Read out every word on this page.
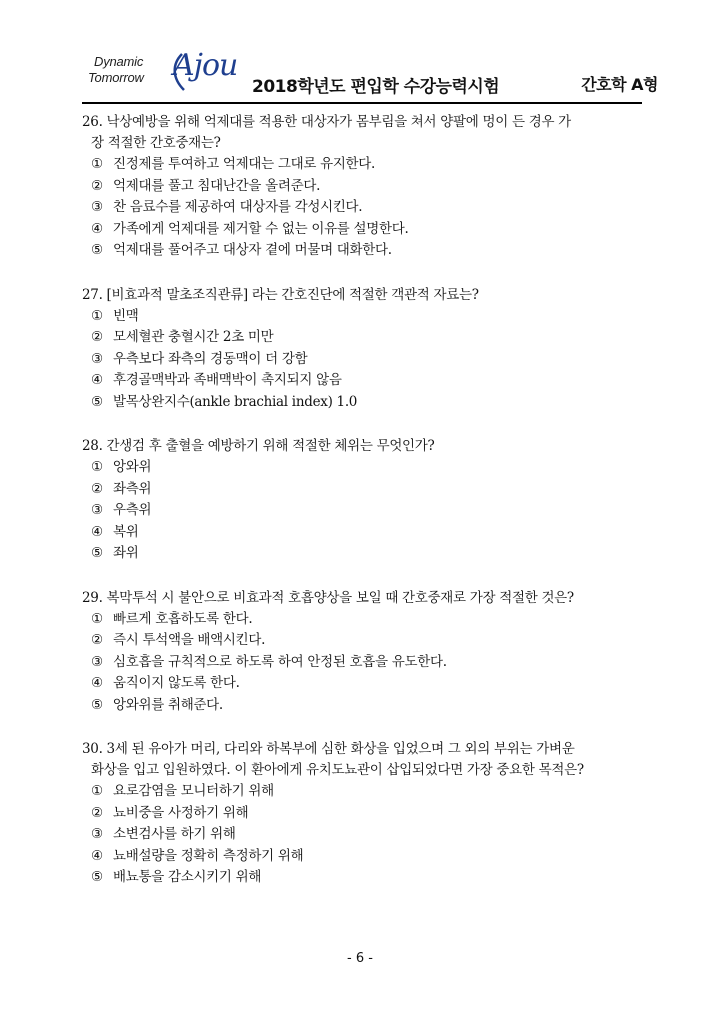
Dynamic
Tomorrow Ajou
2018학년도 편입학 수강능력시험	간호학 A형
26. 낙상예방을 위해 억제대를 적용한 대상자가 몸부림을 쳐서 양팔에 멍이 든 경우 가
장 적절한 간호중재는?
① 진정제를 투여하고 억제대는 그대로 유지한다.
② 억제대를 풀고 침대난간을 올려준다.
③ 찬 음료수를 제공하여 대상자를 각성시킨다.
④ 가족에게 억제대를 제거할 수 없는 이유를 설명한다.
⑤ 억제대를 풀어주고 대상자 곁에 머물며 대화한다.
27. [비효과적 말초조직관류] 라는 간호진단에 적절한 객관적 자료는?
① 빈맥
② 모세혈관 충혈시간 2초 미만
③ 우측보다 좌측의 경동맥이 더 강함
④ 후경골맥박과 족배맥박이 촉지되지 않음
⑤ 발목상완지수(ankle brachial index) 1.0
28. 간생검 후 출혈을 예방하기 위해 적절한 체위는 무엇인가?
① 앙와위
② 좌측위
③ 우측위
④ 복위
⑤ 좌위
29. 복막투석 시 불안으로 비효과적 호흡양상을 보일 때 간호중재로 가장 적절한 것은?
① 빠르게 호흡하도록 한다.
② 즉시 투석액을 배액시킨다.
③ 심호흡을 규칙적으로 하도록 하여 안정된 호흡을 유도한다.
④ 움직이지 않도록 한다.
⑤ 앙와위를 취해준다.
30. 3세 된 유아가 머리, 다리와 하복부에 심한 화상을 입었으며 그 외의 부위는 가벼운
화상을 입고 입원하였다. 이 환아에게 유치도뇨관이 삽입되었다면 가장 중요한 목적은?
① 요로감염을 모니터하기 위해
② 뇨비중을 사정하기 위해
③ 소변검사를 하기 위해
④ 뇨배설량을 정확히 측정하기 위해
⑤ 배뇨통을 감소시키기 위해
- 6 -
